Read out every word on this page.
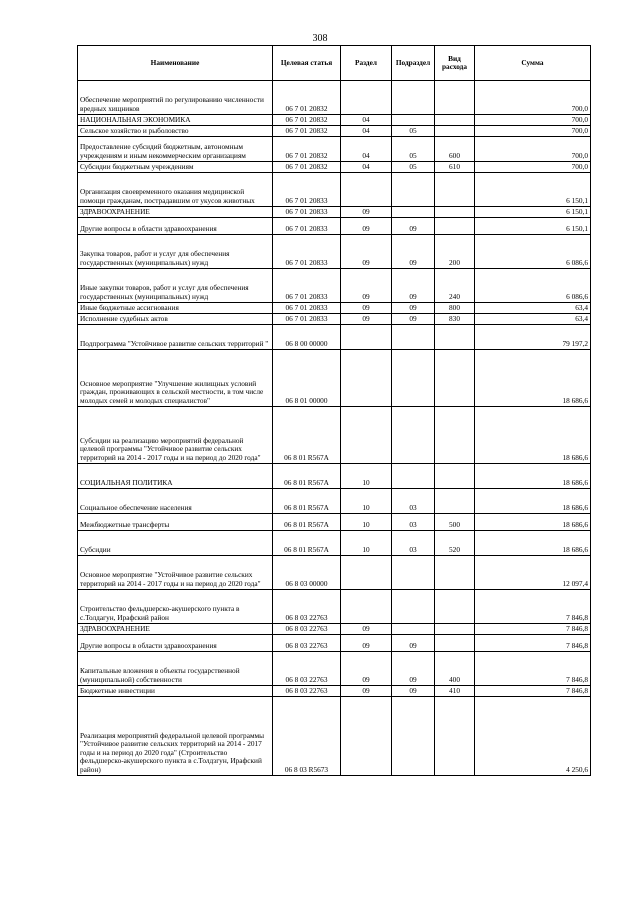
308
Наименование	Целевая статья	Раздел	Подраздел	Вид расхода	Сумма
Обеспечение мероприятий по регулированию численности вредных хищников	06 7 01 20832				700,0
НАЦИОНАЛЬНАЯ ЭКОНОМИКА	06 7 01 20832	04			700,0
Сельское хозяйство и рыболовство	06 7 01 20832	04	05		700,0
Предоставление субсидий бюджетным, автономным учреждениям и иным некоммерческим организациям	06 7 01 20832	04	05	600	700,0
Субсидии бюджетным учреждениям	06 7 01 20832	04	05	610	700,0
Организация своевременного оказания медицинской помощи гражданам, пострадавшим от укусов животных	06 7 01 20833				6 150,1
ЗДРАВООХРАНЕНИЕ	06 7 01 20833	09			6 150,1
Другие вопросы в области здравоохранения	06 7 01 20833	09	09		6 150,1
Закупка товаров, работ и услуг для обеспечения государственных (муниципальных) нужд	06 7 01 20833	09	09	200	6 086,6
Иные закупки товаров, работ и услуг для обеспечения государственных (муниципальных) нужд	06 7 01 20833	09	09	240	6 086,6
Иные бюджетные ассигнования	06 7 01 20833	09	09	800	63,4
Исполнение судебных актов	06 7 01 20833	09	09	830	63,4
Подпрограмма "Устойчивое развитие сельских территорий "	06 8 00 00000				79 197,2
Основное мероприятие "Улучшение жилищных условий граждан, проживающих в сельской местности, в том числе молодых семей и молодых специалистов"	06 8 01 00000				18 686,6
Субсидии на реализацию мероприятий федеральной целевой программы "Устойчивое развитие сельских территорий на 2014 - 2017 годы и на период до 2020 года"	06 8 01 R567A				18 686,6
СОЦИАЛЬНАЯ ПОЛИТИКА	06 8 01 R567A	10			18 686,6
Социальное обеспечение населения	06 8 01 R567A	10	03		18 686,6
Межбюджетные трансферты	06 8 01 R567A	10	03	500	18 686,6
Субсидии	06 8 01 R567A	10	03	520	18 686,6
Основное мероприятие "Устойчивое развитие сельских территорий на 2014 - 2017 годы и на период до 2020 года"	06 8 03 00000				12 097,4
Строительство фельдшерско-акушерского пункта в с.Толдагун, Ирафский район	06 8 03 22763				7 846,8
ЗДРАВООХРАНЕНИЕ	06 8 03 22763	09			7 846,8
Другие вопросы в области здравоохранения	06 8 03 22763	09	09		7 846,8
Капитальные вложения в объекты государственной (муниципальной) собственности	06 8 03 22763	09	09	400	7 846,8
Бюджетные инвестиции	06 8 03 22763	09	09	410	7 846,8
Реализация мероприятий федеральной целевой программы "Устойчивое развитие сельских территорий на 2014 - 2017 годы и на период до 2020 года" (Строительство фельдшерско-акушерского пункта в с.Толдзгун, Ирафский район)	06 8 03 R5673				4 250,6
